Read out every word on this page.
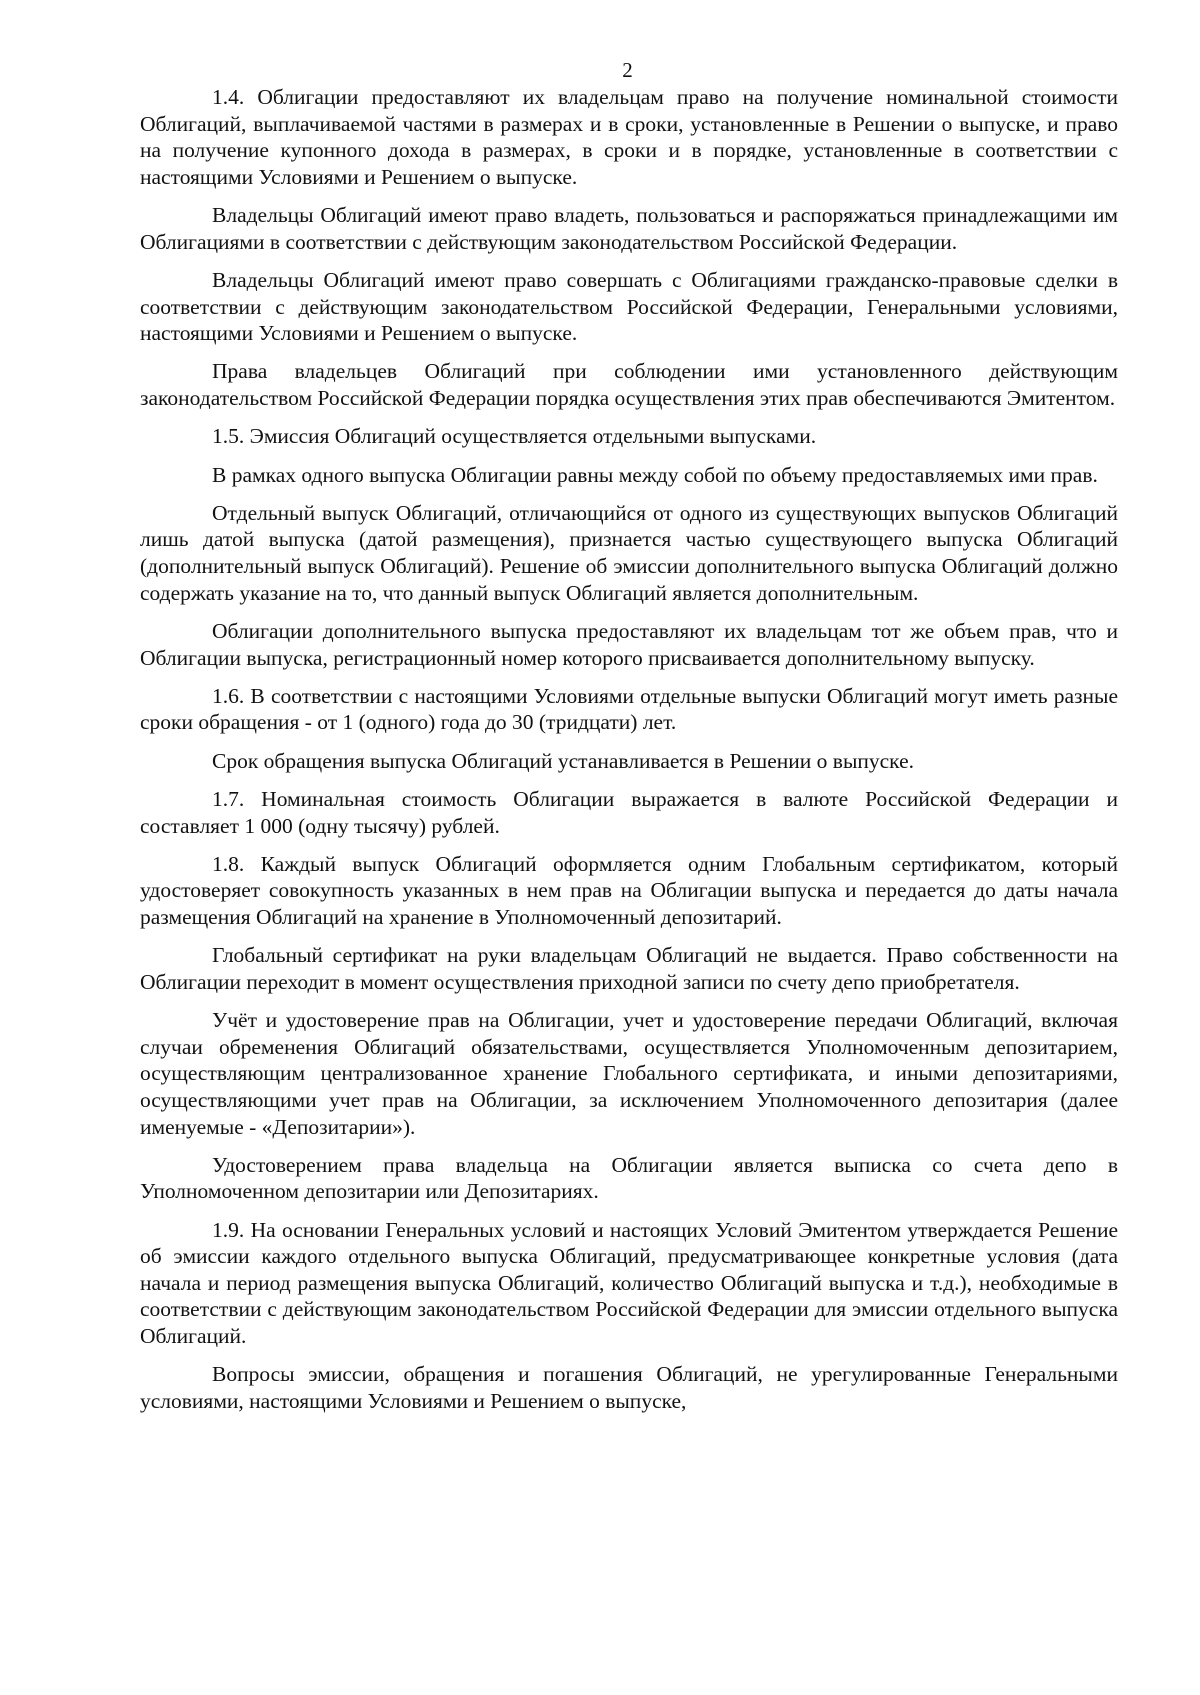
2

1.4. Облигации предоставляют их владельцам право на получение номинальной стоимости Облигаций, выплачиваемой частями в размерах и в сроки, установленные в Решении о выпуске, и право на получение купонного дохода в размерах, в сроки и в порядке, установленные в соответствии с настоящими Условиями и Решением о выпуске.

Владельцы Облигаций имеют право владеть, пользоваться и распоряжаться принадлежащими им Облигациями в соответствии с действующим законодательством Российской Федерации.

Владельцы Облигаций имеют право совершать с Облигациями гражданско-правовые сделки в соответствии с действующим законодательством Российской Федерации, Генеральными условиями, настоящими Условиями и Решением о выпуске.

Права владельцев Облигаций при соблюдении ими установленного действующим законодательством Российской Федерации порядка осуществления этих прав обеспечиваются Эмитентом.

1.5. Эмиссия Облигаций осуществляется отдельными выпусками.

В рамках одного выпуска Облигации равны между собой по объему предоставляемых ими прав.

Отдельный выпуск Облигаций, отличающийся от одного из существующих выпусков Облигаций лишь датой выпуска (датой размещения), признается частью существующего выпуска Облигаций (дополнительный выпуск Облигаций). Решение об эмиссии дополнительного выпуска Облигаций должно содержать указание на то, что данный выпуск Облигаций является дополнительным.

Облигации дополнительного выпуска предоставляют их владельцам тот же объем прав, что и Облигации выпуска, регистрационный номер которого присваивается дополнительному выпуску.

1.6. В соответствии с настоящими Условиями отдельные выпуски Облигаций могут иметь разные сроки обращения - от 1 (одного) года до 30 (тридцати) лет.

Срок обращения выпуска Облигаций устанавливается в Решении о выпуске.

1.7. Номинальная стоимость Облигации выражается в валюте Российской Федерации и составляет 1 000 (одну тысячу) рублей.

1.8. Каждый выпуск Облигаций оформляется одним Глобальным сертификатом, который удостоверяет совокупность указанных в нем прав на Облигации выпуска и передается до даты начала размещения Облигаций на хранение в Уполномоченный депозитарий.

Глобальный сертификат на руки владельцам Облигаций не выдается. Право собственности на Облигации переходит в момент осуществления приходной записи по счету депо приобретателя.

Учёт и удостоверение прав на Облигации, учет и удостоверение передачи Облигаций, включая случаи обременения Облигаций обязательствами, осуществляется Уполномоченным депозитарием, осуществляющим централизованное хранение Глобального сертификата, и иными депозитариями, осуществляющими учет прав на Облигации, за исключением Уполномоченного депозитария (далее именуемые - «Депозитарии»).

Удостоверением права владельца на Облигации является выписка со счета депо в Уполномоченном депозитарии или Депозитариях.

1.9. На основании Генеральных условий и настоящих Условий Эмитентом утверждается Решение об эмиссии каждого отдельного выпуска Облигаций, предусматривающее конкретные условия (дата начала и период размещения выпуска Облигаций, количество Облигаций выпуска и т.д.), необходимые в соответствии с действующим законодательством Российской Федерации для эмиссии отдельного выпуска Облигаций.

Вопросы эмиссии, обращения и погашения Облигаций, не урегулированные Генеральными условиями, настоящими Условиями и Решением о выпуске,
